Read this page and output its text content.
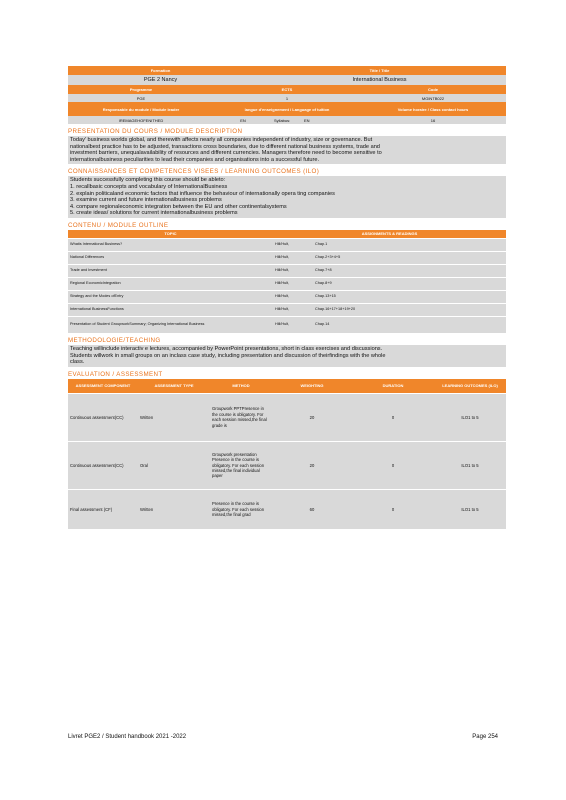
Formation	Title / Title
PGE 2 Nancy	International Business
Programme	ECTS	Code
PGE	1	MGINTB022
Responsable du module / Module leader	langue d'enseignement / Language of tuition	Volume horaire / Class contact hours
IREMAGEHOFENITHED	EN	Syllabus:	EN	16
PRESENTATION DU COURS / MODULE DESCRIPTION
Today' business worlds global, and therewith affects nearly all companies independent of industry, size or governance. But
nationalbest practice has to be adjusted, transactions cross boundaries, due to different national business systems, trade and
investment barriers, unequalavailability of resources and different currencies. Managers therefore need to become sensitive to
internationalbusiness peculiarities to lead their companies and organisations into a successful future.
CONNAISSANCES ET COMPETENCES VISEES / LEARNING OUTCOMES (ILO)
Students successfully completing this course should be ableto:
1. recallbasic concepts and vocabulary of InternationalBusiness
2. explain politicaland economic factors that influence the behaviour of internationally opera ting companies
3. examine current and future internationalbusiness problems
4. compare regionaleconomic integration between the EU and other continentalsystems
5. create ideas/ solutions for current internationalbusiness problems
CONTENU / MODULE OUTLINE
TOPIC	ASSIGNMENTS & READINGS	
Whatis International Business?	Hill/Hult,	Chap.1
National Differences	Hill/Hult,	Chap.2+3+4+5
Trade and Investment	Hill/Hult,	Chap.7+8
Regional EconomicIntegration	Hill/Hult,	Chap.8+9
Strategy and the Modes ofEntry	Hill/Hult,	Chap.13+15
International BusinessFunctions	Hill/Hult,	Chap.16+17+18+19+20
Presentation of Student GroupworkSummary; Organizing International Business	Hill/Hult,	Chap.14
METHODOLOGIE/TEACHING
Teaching willinclude interactiv e lectures, accompanied by PowerPoint presentations, short in class exercises and discussions.
Students willwork in small groups on an inclass case study, including presentation and discussion of theirfindings with the whole
class.
EVALUATION / ASSESSMENT
ASSESSMENT COMPONENT	ASSESSMENT TYPE	METHOD	WEIGHTING	DURATION	LEARNING OUTCOMES (ILO)
Continuous assessment(CC)	Written	Groupwork PPTPresence in the course is obligatory. For each session missed,the final grade is	20	0	ILO1 to 5
Continuous assessment(CC)	Oral	Groupwork presentation Presence in the course is obligatory. For each session missed,the final individual paper	20	0	ILO1 to 5
Final assessment (CF)	Written	Presence in the course is obligatory. For each session missed,the final grad	60	0	ILO1 to 5
Livret PGE2 / Student handbook 2021 -2022	Page 254
